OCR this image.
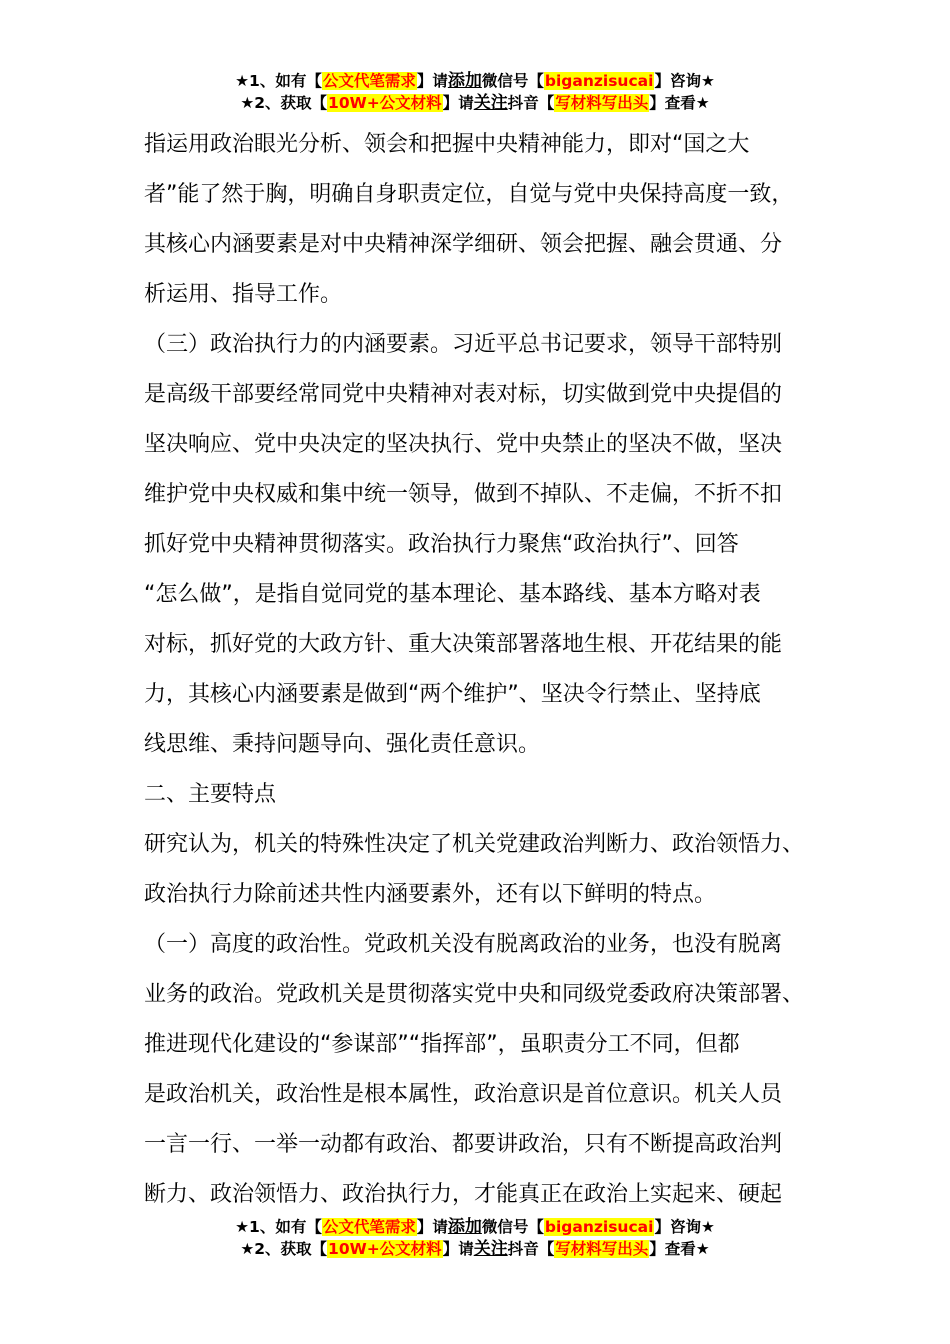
★1、如有【公文代笔需求】请添加微信号【biganzisucai】咨询★
★2、获取【10W+公文材料】请关注抖音【写材料写出头】查看★
指运用政治眼光分析、领会和把握中央精神能力，即对“国之大
者”能了然于胸，明确自身职责定位，自觉与党中央保持高度一致，
其核心内涵要素是对中央精神深学细研、领会把握、融会贯通、分
析运用、指导工作。
（三）政治执行力的内涵要素。习近平总书记要求，领导干部特别
是高级干部要经常同党中央精神对表对标，切实做到党中央提倡的
坚决响应、党中央决定的坚决执行、党中央禁止的坚决不做，坚决
维护党中央权威和集中统一领导，做到不掉队、不走偏，不折不扣
抓好党中央精神贯彻落实。政治执行力聚焦“政治执行”、回答
“怎么做”，是指自觉同党的基本理论、基本路线、基本方略对表
对标，抓好党的大政方针、重大决策部署落地生根、开花结果的能
力，其核心内涵要素是做到“两个维护”、坚决令行禁止、坚持底
线思维、秉持问题导向、强化责任意识。
二、主要特点
研究认为，机关的特殊性决定了机关党建政治判断力、政治领悟力、
政治执行力除前述共性内涵要素外，还有以下鲜明的特点。
（一）高度的政治性。党政机关没有脱离政治的业务，也没有脱离
业务的政治。党政机关是贯彻落实党中央和同级党委政府决策部署、
推进现代化建设的“参谋部”“指挥部”，虽职责分工不同，但都
是政治机关，政治性是根本属性，政治意识是首位意识。机关人员
一言一行、一举一动都有政治、都要讲政治，只有不断提高政治判
断力、政治领悟力、政治执行力，才能真正在政治上实起来、硬起
★1、如有【公文代笔需求】请添加微信号【biganzisucai】咨询★
★2、获取【10W+公文材料】请关注抖音【写材料写出头】查看★
